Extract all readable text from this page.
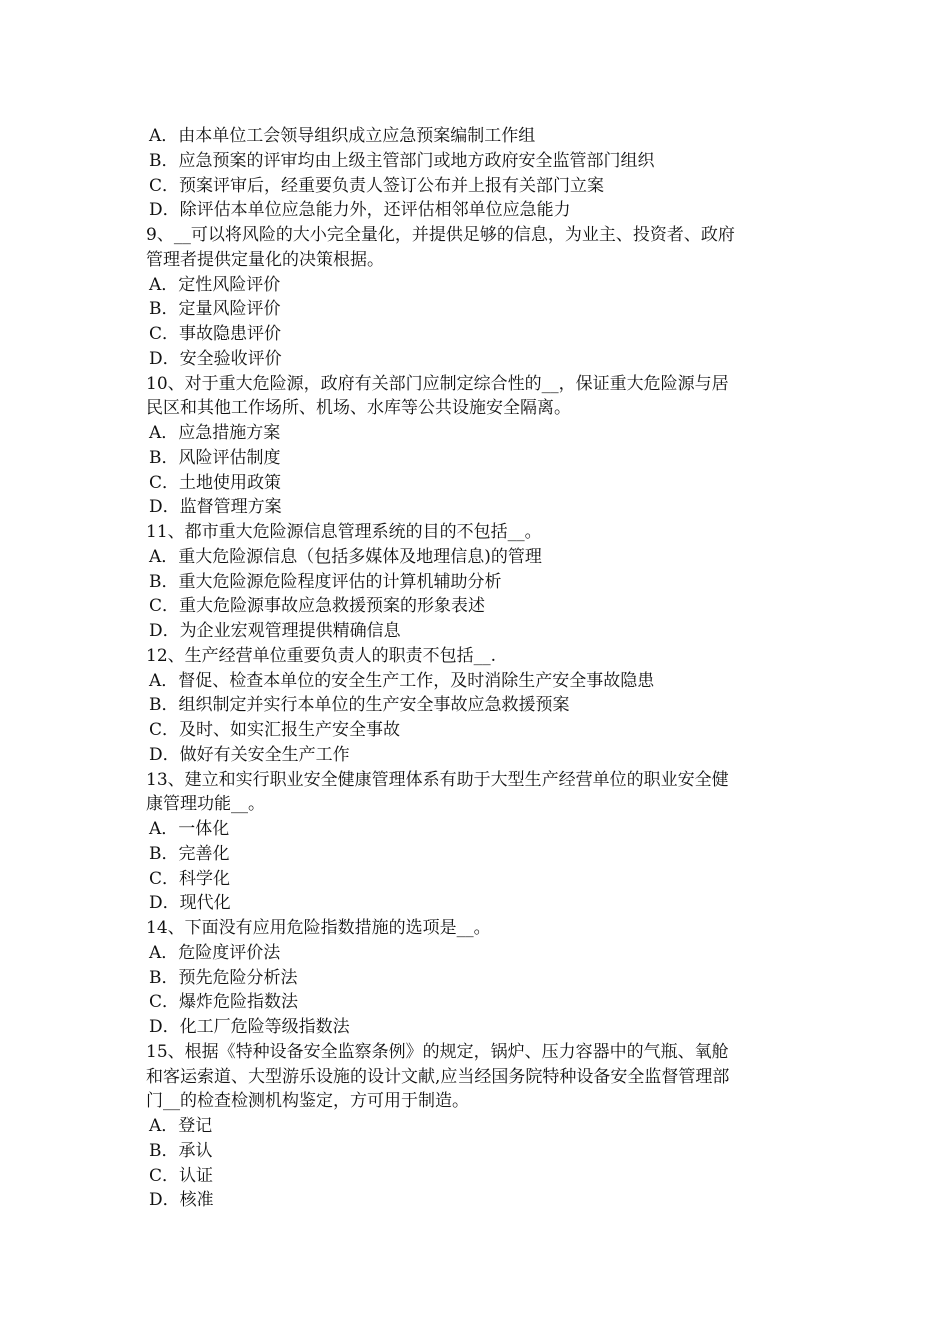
A．由本单位工会领导组织成立应急预案编制工作组
B．应急预案的评审均由上级主管部门或地方政府安全监管部门组织
C．预案评审后，经重要负责人签订公布并上报有关部门立案
D．除评估本单位应急能力外，还评估相邻单位应急能力
9、__可以将风险的大小完全量化，并提供足够的信息，为业主、投资者、政府
管理者提供定量化的决策根据。
A．定性风险评价
B．定量风险评价
C．事故隐患评价
D．安全验收评价
10、对于重大危险源，政府有关部门应制定综合性的__，保证重大危险源与居
民区和其他工作场所、机场、水库等公共设施安全隔离。
A．应急措施方案
B．风险评估制度
C．土地使用政策
D．监督管理方案
11、都市重大危险源信息管理系统的目的不包括__。
A．重大危险源信息（包括多媒体及地理信息)的管理
B．重大危险源危险程度评估的计算机辅助分析
C．重大危险源事故应急救援预案的形象表述
D．为企业宏观管理提供精确信息
12、生产经营单位重要负责人的职责不包括__.
A．督促、检查本单位的安全生产工作，及时消除生产安全事故隐患
B．组织制定并实行本单位的生产安全事故应急救援预案
C．及时、如实汇报生产安全事故
D．做好有关安全生产工作
13、建立和实行职业安全健康管理体系有助于大型生产经营单位的职业安全健
康管理功能__。
A．一体化
B．完善化
C．科学化
D．现代化
14、下面没有应用危险指数措施的选项是__。
A．危险度评价法
B．预先危险分析法
C．爆炸危险指数法
D．化工厂危险等级指数法
15、根据《特种设备安全监察条例》的规定，锅炉、压力容器中的气瓶、氧舱
和客运索道、大型游乐设施的设计文献,应当经国务院特种设备安全监督管理部
门__的检查检测机构鉴定，方可用于制造。
A．登记
B．承认
C．认证
D．核准
